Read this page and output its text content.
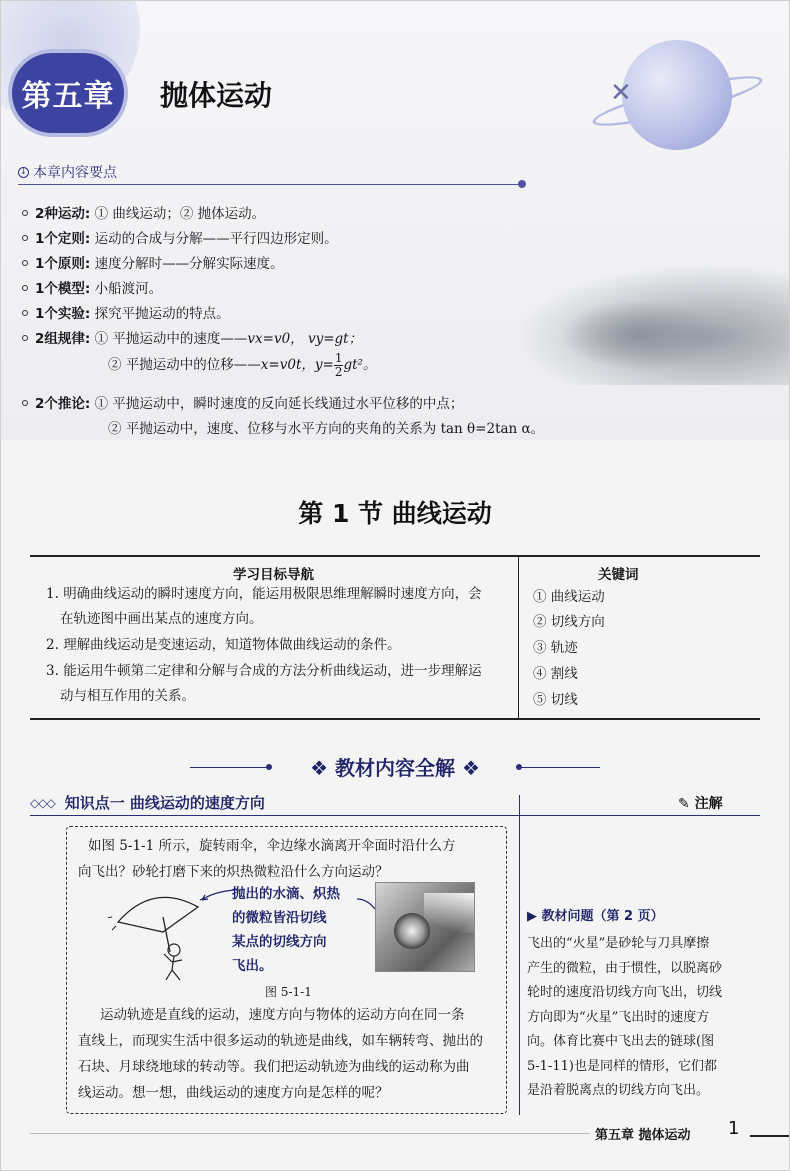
✕
第五章 抛体运动
↓ 本章内容要点
2种运动: ① 曲线运动；② 抛体运动。
1个定则: 运动的合成与分解——平行四边形定则。
1个原则: 速度分解时——分解实际速度。
1个模型: 小船渡河。
1个实验: 探究平抛运动的特点。
2组规律: ① 平抛运动中的速度——vx=v0， vy=gt；
② 平抛运动中的位移——x=v0t，$y= \frac{1}{2} gt^2$。
2个推论: ① 平抛运动中，瞬时速度的反向延长线通过水平位移的中点；
② 平抛运动中，速度、位移与水平方向的夹角的关系为 tan θ=2tan α。
第 1 节 曲线运动
学习目标导航	关键词
1. 明确曲线运动的瞬时速度方向，能运用极限思维理解瞬时速度方向，会
在轨迹图中画出某点的速度方向。
2. 理解曲线运动是变速运动，知道物体做曲线运动的条件。
3. 能运用牛顿第二定律和分解与合成的方法分析曲线运动，进一步理解运
动与相互作用的关系。
① 曲线运动
② 切线方向
③ 轨迹
④ 割线
⑤ 切线
❖ 教材内容全解 ❖
◇◇◇ 知识点一 曲线运动的速度方向	✎ 注解
如图 5-1-1 所示，旋转雨伞，伞边缘水滴离开伞面时沿什么方
向飞出？砂轮打磨下来的炽热微粒沿什么方向运动？
抛出的水滴、炽热
的微粒皆沿切线
某点的切线方向
飞出。
图 5-1-1
运动轨迹是直线的运动，速度方向与物体的运动方向在同一条
直线上，而现实生活中很多运动的轨迹是曲线，如车辆转弯、抛出的
石块、月球绕地球的转动等。我们把运动轨迹为曲线的运动称为曲
线运动。想一想，曲线运动的速度方向是怎样的呢？
▶ 教材问题（第 2 页）
飞出的“火星”是砂轮与刀具摩擦
产生的微粒，由于惯性，以脱离砂
轮时的速度沿切线方向飞出，切线
方向即为“火星”飞出时的速度方
向。体育比赛中飞出去的链球(图
5-1-11)也是同样的情形，它们都
是沿着脱离点的切线方向飞出。
第五章 抛体运动 1
